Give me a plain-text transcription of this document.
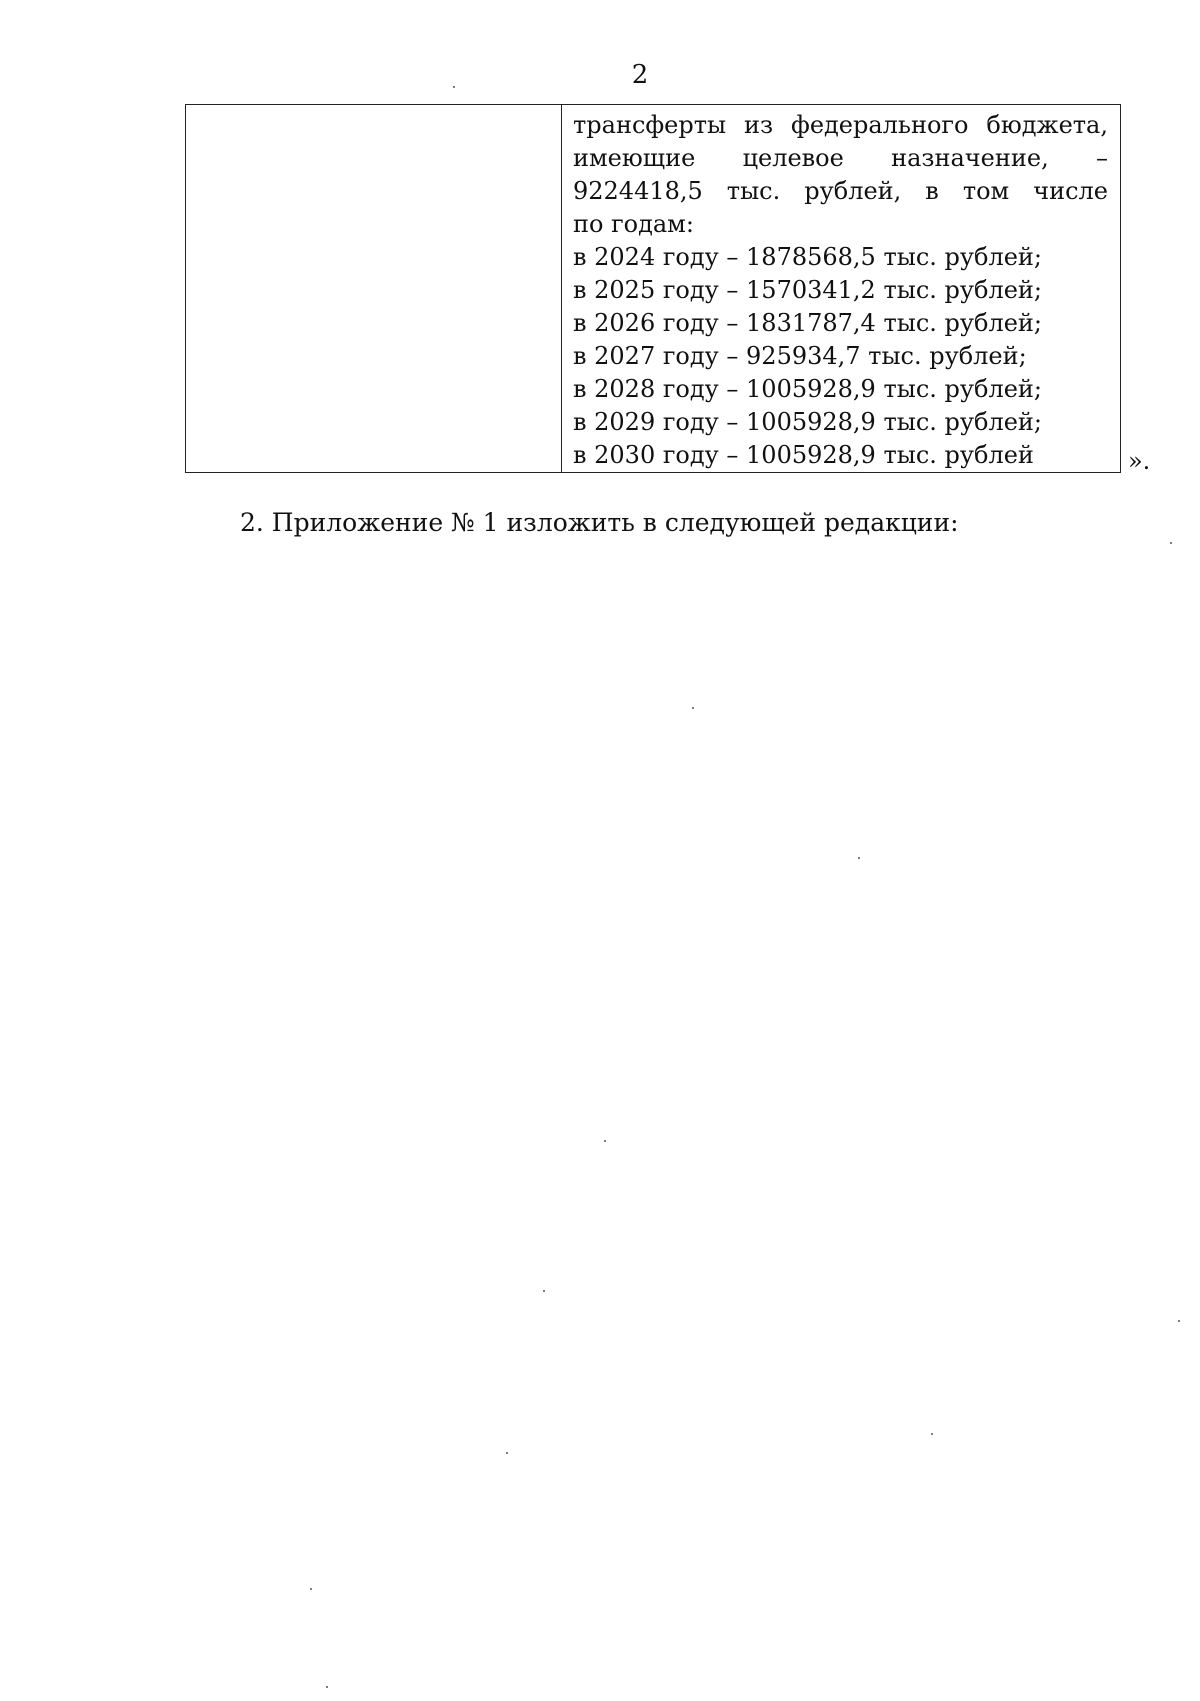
2
трансферты из федерального бюджета,
имеющие целевое назначение, –
9224418,5 тыс. рублей, в том числе
по годам:
в 2024 году – 1878568,5 тыс. рублей;
в 2025 году – 1570341,2 тыс. рублей;
в 2026 году – 1831787,4 тыс. рублей;
в 2027 году – 925934,7 тыс. рублей;
в 2028 году – 1005928,9 тыс. рублей;
в 2029 году – 1005928,9 тыс. рублей;
в 2030 году – 1005928,9 тыс. рублей	».
2. Приложение № 1 изложить в следующей редакции:
